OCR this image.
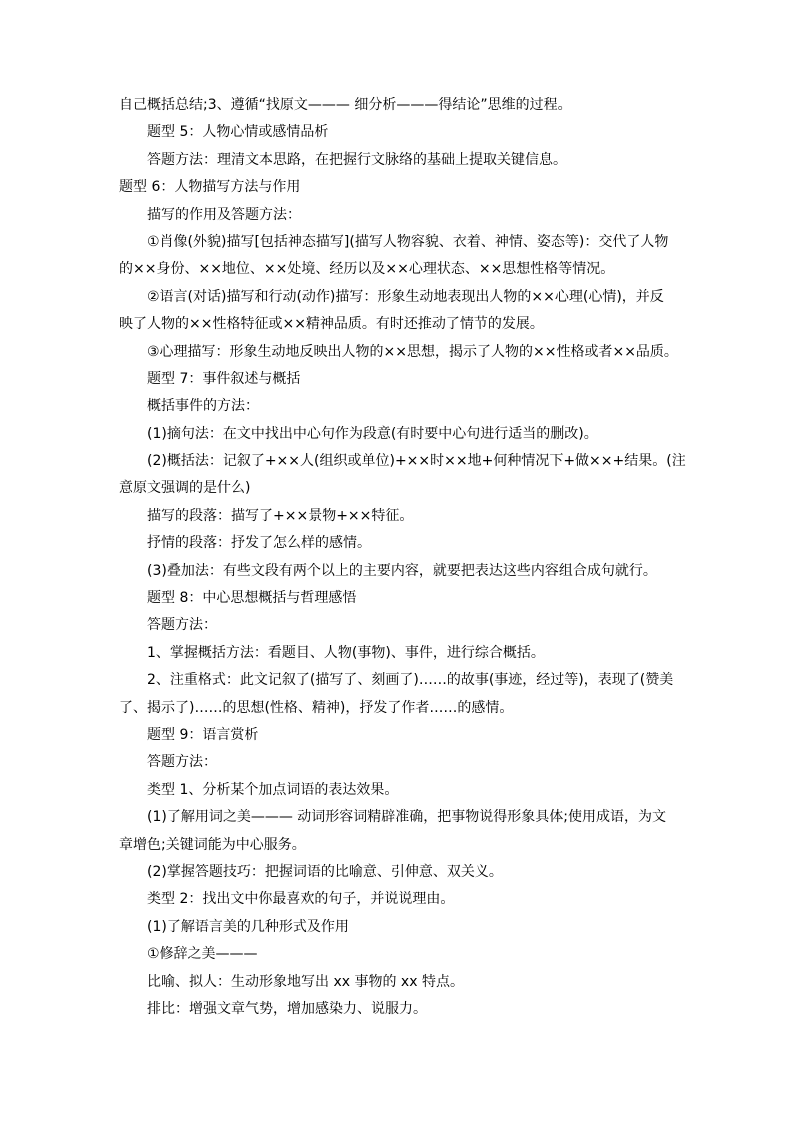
自己概括总结;3、遵循“找原文——— 细分析———得结论”思维的过程。
题型 5：人物心情或感情品析
答题方法：理清文本思路，在把握行文脉络的基础上提取关键信息。
题型 6：人物描写方法与作用
描写的作用及答题方法：
①肖像(外貌)描写[包括神态描写](描写人物容貌、衣着、神情、姿态等)：交代了人物
的××身份、××地位、××处境、经历以及××心理状态、××思想性格等情况。
②语言(对话)描写和行动(动作)描写：形象生动地表现出人物的××心理(心情)，并反
映了人物的××性格特征或××精神品质。有时还推动了情节的发展。
③心理描写：形象生动地反映出人物的××思想，揭示了人物的××性格或者××品质。
题型 7：事件叙述与概括
概括事件的方法：
(1)摘句法：在文中找出中心句作为段意(有时要中心句进行适当的删改)。
(2)概括法：记叙了+××人(组织或单位)+××时××地+何种情况下+做××+结果。(注
意原文强调的是什么)
描写的段落：描写了+××景物+××特征。
抒情的段落：抒发了怎么样的感情。
(3)叠加法：有些文段有两个以上的主要内容，就要把表达这些内容组合成句就行。
题型 8：中心思想概括与哲理感悟
答题方法：
1、掌握概括方法：看题目、人物(事物)、事件，进行综合概括。
2、注重格式：此文记叙了(描写了、刻画了)……的故事(事迹，经过等)，表现了(赞美
了、揭示了)……的思想(性格、精神)，抒发了作者……的感情。
题型 9：语言赏析
答题方法：
类型 1、分析某个加点词语的表达效果。
(1)了解用词之美——— 动词形容词精辟准确，把事物说得形象具体;使用成语，为文
章增色;关键词能为中心服务。
(2)掌握答题技巧：把握词语的比喻意、引伸意、双关义。
类型 2：找出文中你最喜欢的句子，并说说理由。
(1)了解语言美的几种形式及作用
①修辞之美———
比喻、拟人：生动形象地写出 xx 事物的 xx 特点。
排比：增强文章气势，增加感染力、说服力。
